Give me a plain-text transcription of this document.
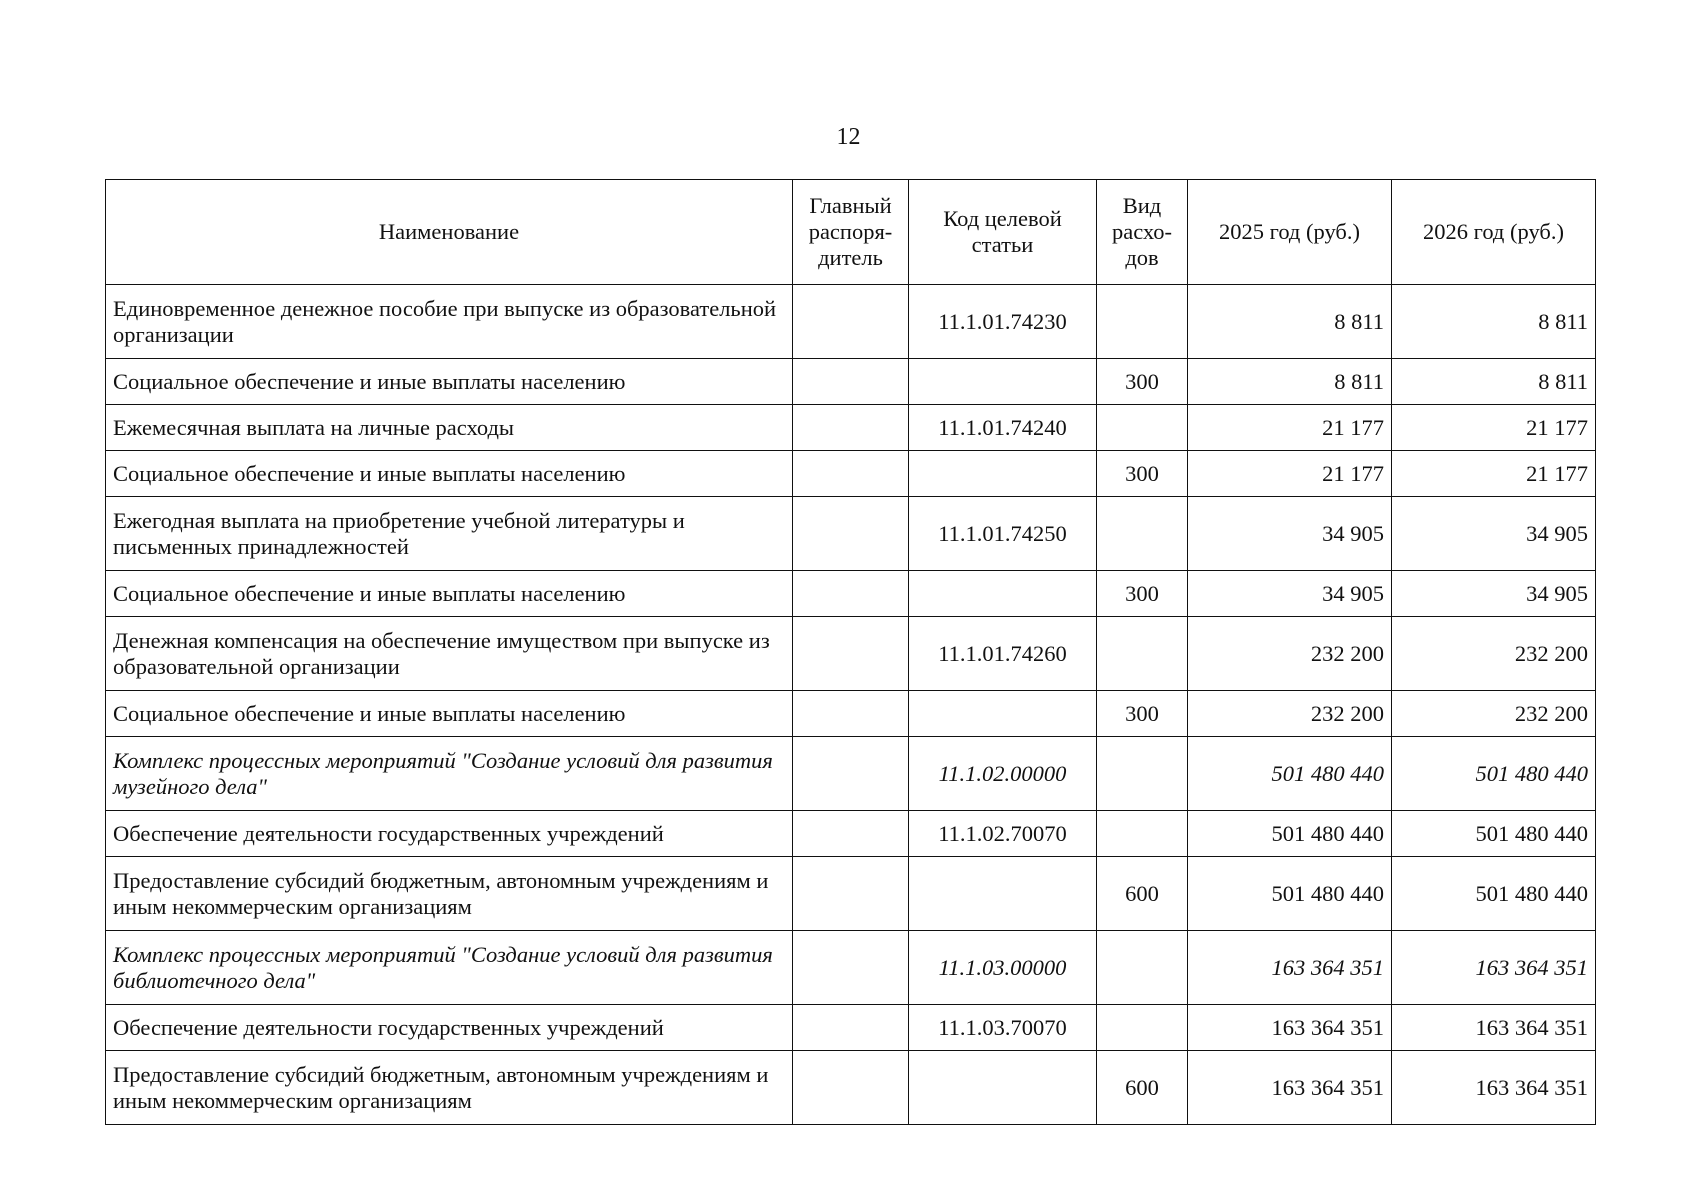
12
Наименование	Главный распоря-дитель	Код целевой статьи	Вид расхо-дов	2025 год (руб.)	2026 год (руб.)
Единовременное денежное пособие при выпуске из образовательной организации		11.1.01.74230		8 811	8 811
Социальное обеспечение и иные выплаты населению			300	8 811	8 811
Ежемесячная выплата на личные расходы		11.1.01.74240		21 177	21 177
Социальное обеспечение и иные выплаты населению			300	21 177	21 177
Ежегодная выплата на приобретение учебной литературы и письменных принадлежностей		11.1.01.74250		34 905	34 905
Социальное обеспечение и иные выплаты населению			300	34 905	34 905
Денежная компенсация на обеспечение имуществом при выпуске из образовательной организации		11.1.01.74260		232 200	232 200
Социальное обеспечение и иные выплаты населению			300	232 200	232 200
Комплекс процессных мероприятий "Создание условий для развития музейного дела"		11.1.02.00000		501 480 440	501 480 440
Обеспечение деятельности государственных учреждений		11.1.02.70070		501 480 440	501 480 440
Предоставление субсидий бюджетным, автономным учреждениям и иным некоммерческим организациям			600	501 480 440	501 480 440
Комплекс процессных мероприятий "Создание условий для развития библиотечного дела"		11.1.03.00000		163 364 351	163 364 351
Обеспечение деятельности государственных учреждений		11.1.03.70070		163 364 351	163 364 351
Предоставление субсидий бюджетным, автономным учреждениям и иным некоммерческим организациям			600	163 364 351	163 364 351
